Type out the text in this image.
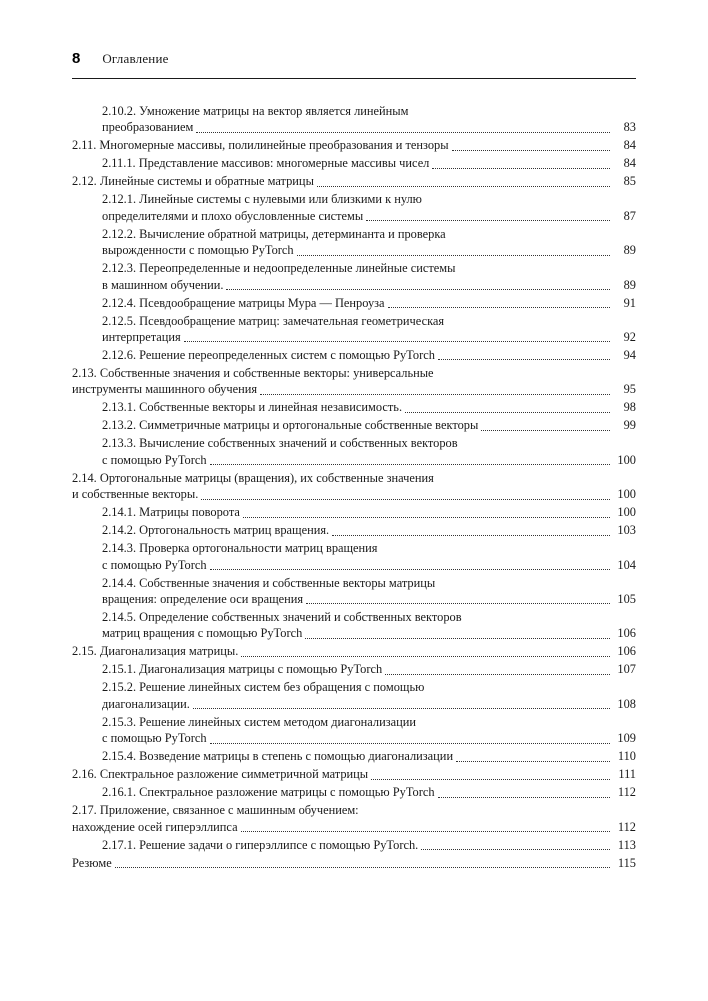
8 Оглавление
2.10.2. Умножение матрицы на вектор является линейным
преобразованием	83
2.11. Многомерные массивы, полилинейные преобразования и тензоры	84
2.11.1. Представление массивов: многомерные массивы чисел	84
2.12. Линейные системы и обратные матрицы	85
2.12.1. Линейные системы с нулевыми или близкими к нулю
определителями и плохо обусловленные системы	87
2.12.2. Вычисление обратной матрицы, детерминанта и проверка
вырожденности с помощью PyTorch	89
2.12.3. Переопределенные и недоопределенные линейные системы
в машинном обучении.	89
2.12.4. Псевдообращение матрицы Мура — Пенроуза	91
2.12.5. Псевдообращение матриц: замечательная геометрическая
интерпретация	92
2.12.6. Решение переопределенных систем с помощью PyTorch	94
2.13. Собственные значения и собственные векторы: универсальные
инструменты машинного обучения	95
2.13.1. Собственные векторы и линейная независимость.	98
2.13.2. Симметричные матрицы и ортогональные собственные векторы	99
2.13.3. Вычисление собственных значений и собственных векторов
с помощью PyTorch	100
2.14. Ортогональные матрицы (вращения), их собственные значения
и собственные векторы.	100
2.14.1. Матрицы поворота	100
2.14.2. Ортогональность матриц вращения.	103
2.14.3. Проверка ортогональности матриц вращения
с помощью PyTorch	104
2.14.4. Собственные значения и собственные векторы матрицы
вращения: определение оси вращения	105
2.14.5. Определение собственных значений и собственных векторов
матриц вращения с помощью PyTorch	106
2.15. Диагонализация матрицы.	106
2.15.1. Диагонализация матрицы с помощью PyTorch	107
2.15.2. Решение линейных систем без обращения с помощью
диагонализации.	108
2.15.3. Решение линейных систем методом диагонализации
с помощью PyTorch	109
2.15.4. Возведение матрицы в степень с помощью диагонализации	110
2.16. Спектральное разложение симметричной матрицы	111
2.16.1. Спектральное разложение матрицы с помощью PyTorch	112
2.17. Приложение, связанное с машинным обучением:
нахождение осей гиперэллипса	112
2.17.1. Решение задачи о гиперэллипсе с помощью PyTorch.	113
Резюме	115
